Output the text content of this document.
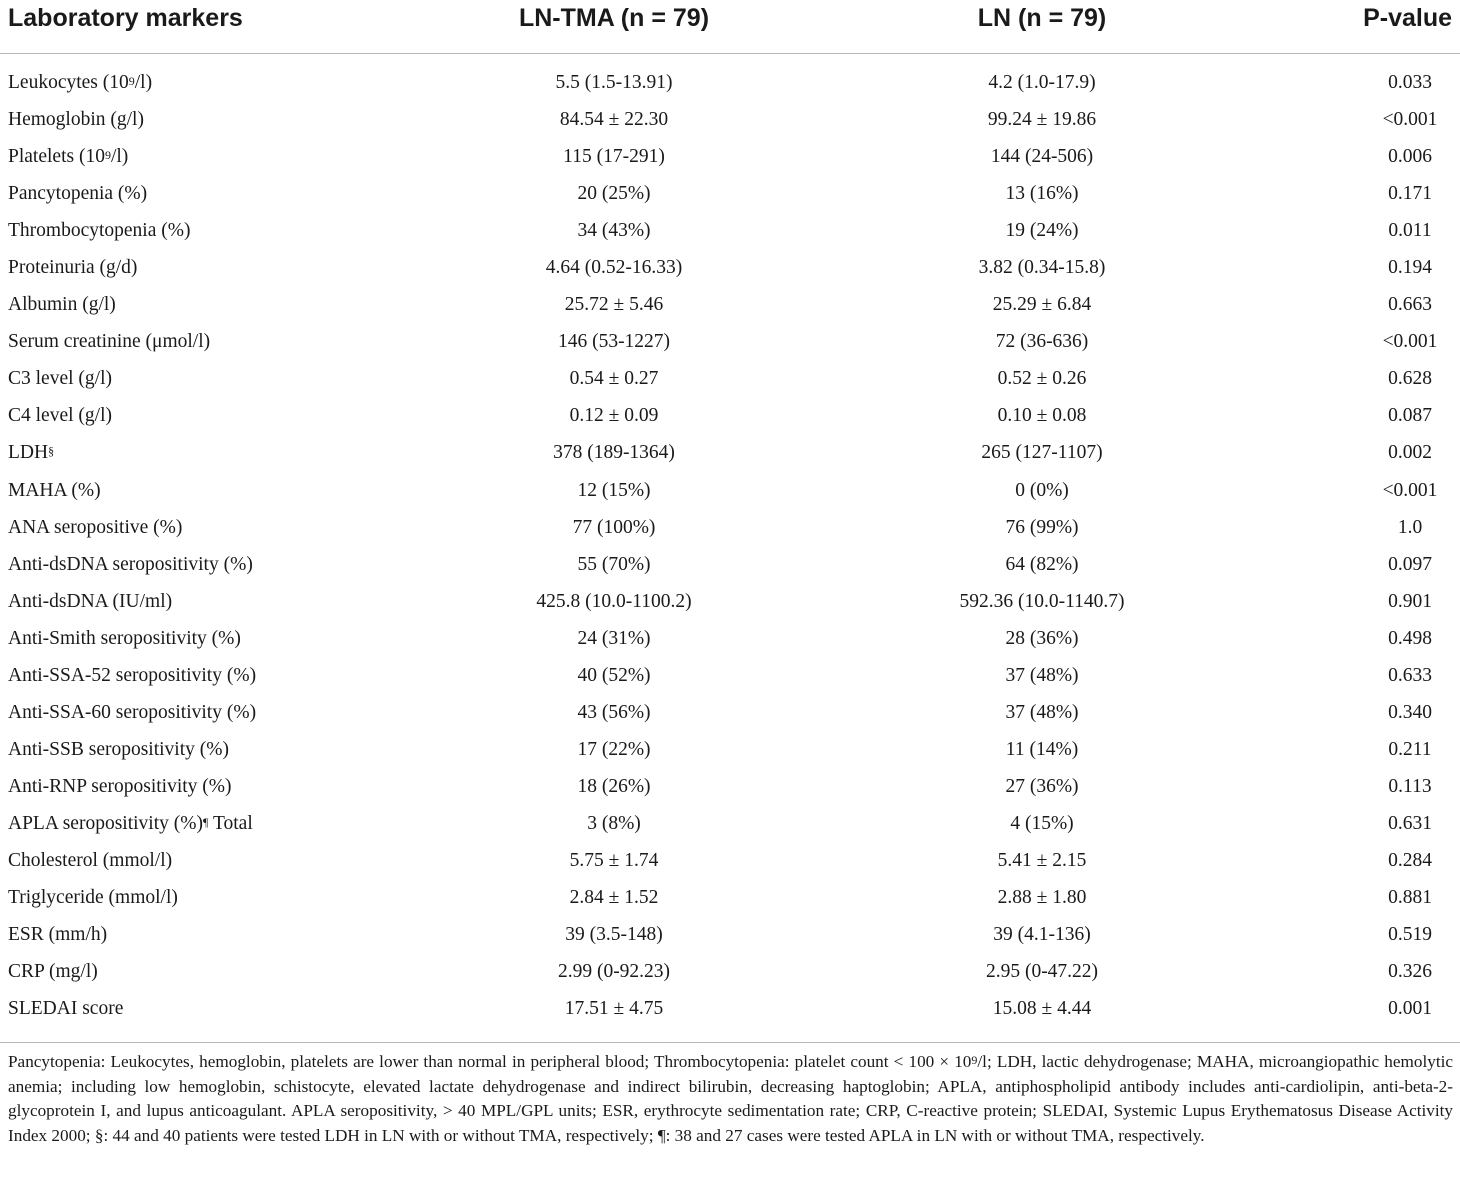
Laboratory markers	LN-TMA (n = 79)	LN (n = 79)	P-value
Leukocytes $(10^9/l)$	5.5 (1.5-13.91)	4.2 (1.0-17.9)	0.033
Hemoglobin (g/l)	84.54 ± 22.30	99.24 ± 19.86	<0.001
Platelets $(10^9/l)$	115 (17-291)	144 (24-506)	0.006
Pancytopenia (%)	20 (25%)	13 (16%)	0.171
Thrombocytopenia (%)	34 (43%)	19 (24%)	0.011
Proteinuria (g/d)	4.64 (0.52-16.33)	3.82 (0.34-15.8)	0.194
Albumin (g/l)	25.72 ± 5.46	25.29 ± 6.84	0.663
Serum creatinine (μmol/l)	146 (53-1227)	72 (36-636)	<0.001
C3 level (g/l)	0.54 ± 0.27	0.52 ± 0.26	0.628
C4 level (g/l)	0.12 ± 0.09	0.10 ± 0.08	0.087
LDH§	378 (189-1364)	265 (127-1107)	0.002
MAHA (%)	12 (15%)	0 (0%)	<0.001
ANA seropositive (%)	77 (100%)	76 (99%)	1.0
Anti-dsDNA seropositivity (%)	55 (70%)	64 (82%)	0.097
Anti-dsDNA (IU/ml)	425.8 (10.0-1100.2)	592.36 (10.0-1140.7)	0.901
Anti-Smith seropositivity (%)	24 (31%)	28 (36%)	0.498
Anti-SSA-52 seropositivity (%)	40 (52%)	37 (48%)	0.633
Anti-SSA-60 seropositivity (%)	43 (56%)	37 (48%)	0.340
Anti-SSB seropositivity (%)	17 (22%)	11 (14%)	0.211
Anti-RNP seropositivity (%)	18 (26%)	27 (36%)	0.113
APLA seropositivity (%)¶ Total	3 (8%)	4 (15%)	0.631
Cholesterol (mmol/l)	5.75 ± 1.74	5.41 ± 2.15	0.284
Triglyceride (mmol/l)	2.84 ± 1.52	2.88 ± 1.80	0.881
ESR (mm/h)	39 (3.5-148)	39 (4.1-136)	0.519
CRP (mg/l)	2.99 (0-92.23)	2.95 (0-47.22)	0.326
SLEDAI score	17.51 ± 4.75	15.08 ± 4.44	0.001
Pancytopenia: Leukocytes, hemoglobin, platelets are lower than normal in peripheral blood; Thrombocytopenia: platelet count < $100 \times 10^9/l$; LDH, lactic dehydrogenase; MAHA, microangiopathic hemolytic anemia; including low hemoglobin, schistocyte, elevated lactate dehydrogenase and indirect bilirubin, decreasing haptoglobin; APLA, antiphospholipid antibody includes anti-cardiolipin, anti-beta-2-glycoprotein I, and lupus anticoagulant. APLA seropositivity, > 40 MPL/GPL units; ESR, erythrocyte sedimentation rate; CRP, C-reactive protein; SLEDAI, Systemic Lupus Erythematosus Disease Activity Index 2000; §: 44 and 40 patients were tested LDH in LN with or without TMA, respectively; ¶: 38 and 27 cases were tested APLA in LN with or without TMA, respectively.
